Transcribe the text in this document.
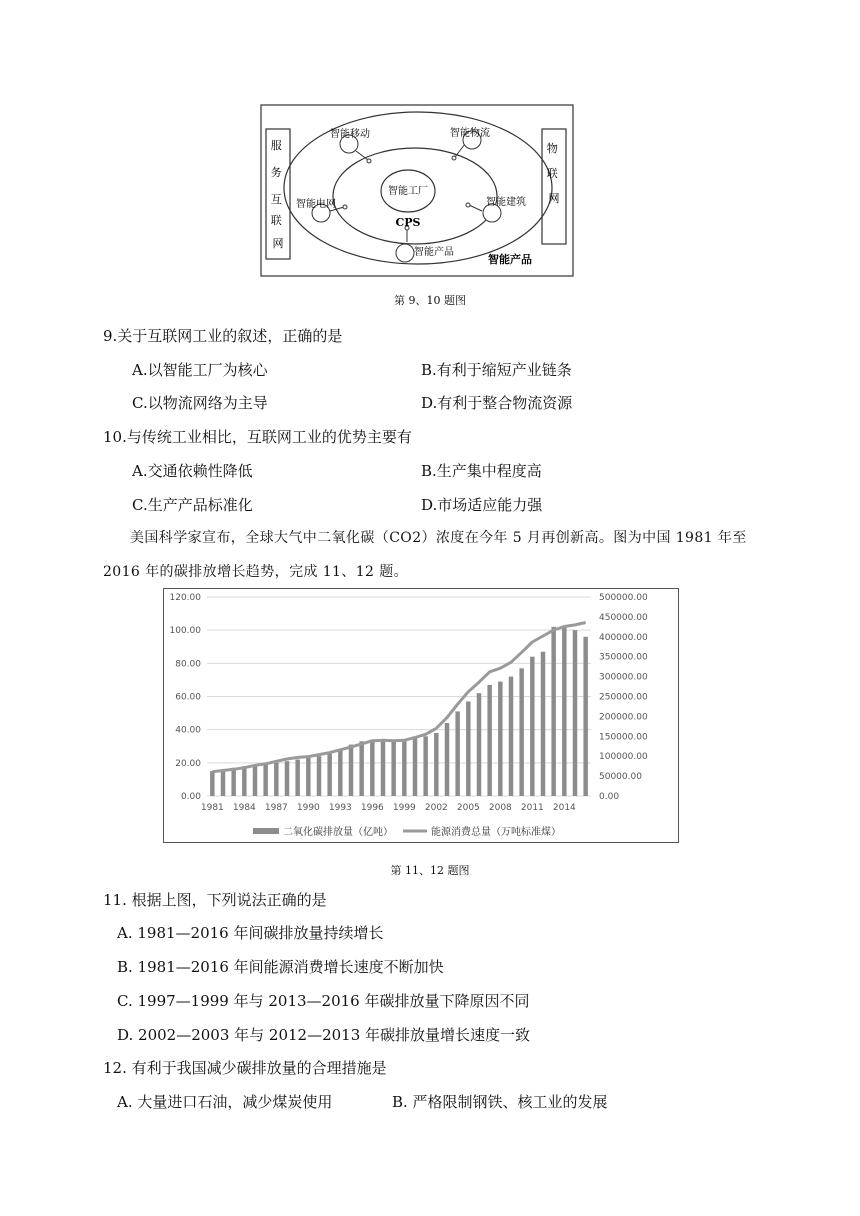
服 务 互 联 网
物 联 网
智能移动	智能物流
智能工厂
智能电网	智能建筑
CPS
智能产品
智能产品
第 9、10 题图
9.关于互联网工业的叙述，正确的是
A.以智能工厂为核心	B.有利于缩短产业链条
C.以物流网络为主导	D.有利于整合物流资源
10.与传统工业相比，互联网工业的优势主要有
A.交通依赖性降低	B.生产集中程度高
C.生产产品标准化	D.市场适应能力强
美国科学家宣布，全球大气中二氧化碳（CO2）浓度在今年 5 月再创新高。图为中国 1981 年至
2016 年的碳排放增长趋势，完成 11、12 题。
0.00
20.00
40.00
60.00
80.00
100.00
120.00
0.00
50000.00
100000.00
150000.00
200000.00
250000.00
300000.00
350000.00
400000.00
450000.00
500000.00
1981 1984 1987 1990 1993 1996 1999 2002 2005 2008 2011 2014
二氧化碳排放量（亿吨）	能源消费总量（万吨标准煤）
第 11、12 题图
11. 根据上图，下列说法正确的是
A. 1981—2016 年间碳排放量持续增长
B. 1981—2016 年间能源消费增长速度不断加快
C. 1997—1999 年与 2013—2016 年碳排放量下降原因不同
D. 2002—2003 年与 2012—2013 年碳排放量增长速度一致
12. 有利于我国减少碳排放量的合理措施是
A. 大量进口石油，减少煤炭使用	B. 严格限制钢铁、核工业的发展
